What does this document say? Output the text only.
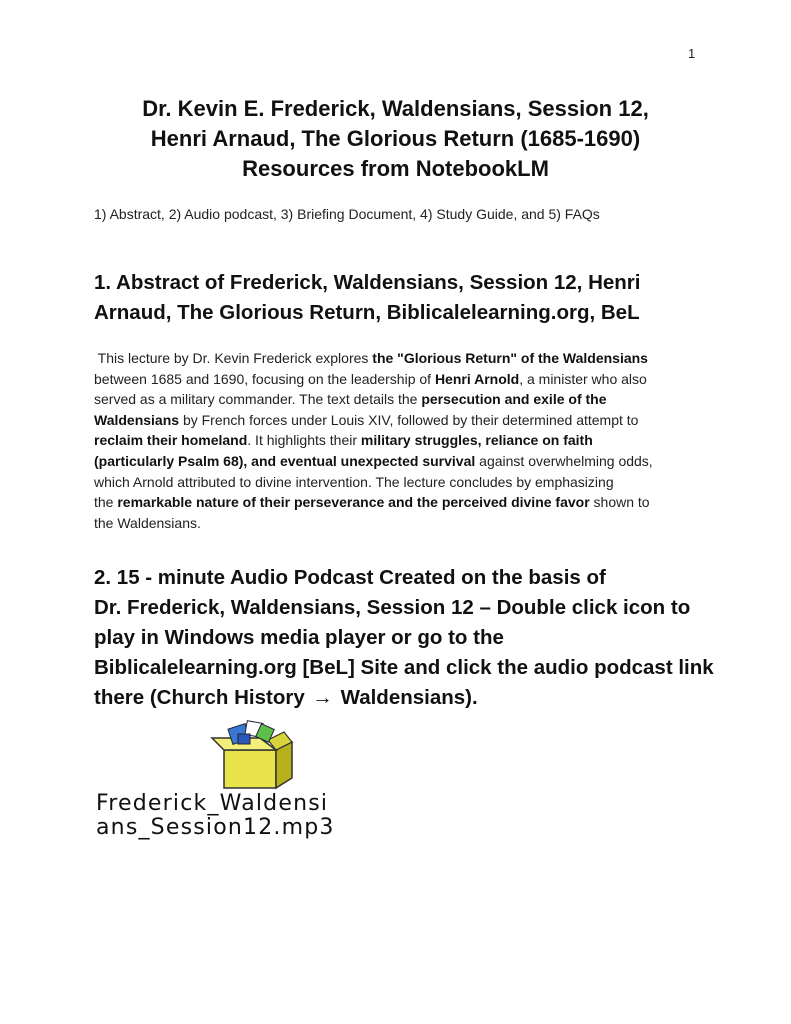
1
Dr. Kevin E. Frederick, Waldensians, Session 12,
Henri Arnaud, The Glorious Return (1685-1690)
Resources from NotebookLM
1) Abstract, 2) Audio podcast, 3) Briefing Document, 4) Study Guide, and 5) FAQs
1. Abstract of Frederick, Waldensians, Session 12, Henri
Arnaud, The Glorious Return, Biblicalelearning.org, BeL
This lecture by Dr. Kevin Frederick explores the "Glorious Return" of the Waldensians
between 1685 and 1690, focusing on the leadership of Henri Arnold, a minister who also
served as a military commander. The text details the persecution and exile of the
Waldensians by French forces under Louis XIV, followed by their determined attempt to
reclaim their homeland. It highlights their military struggles, reliance on faith
(particularly Psalm 68), and eventual unexpected survival against overwhelming odds,
which Arnold attributed to divine intervention. The lecture concludes by emphasizing
the remarkable nature of their perseverance and the perceived divine favor shown to
the Waldensians.
2. 15 - minute Audio Podcast Created on the basis of
Dr. Frederick, Waldensians, Session 12 – Double click icon to
play in Windows media player or go to the
Biblicalelearning.org [BeL] Site and click the audio podcast link
there (Church History → Waldensians).
Frederick_Waldensi
ans_Session12.mp3
